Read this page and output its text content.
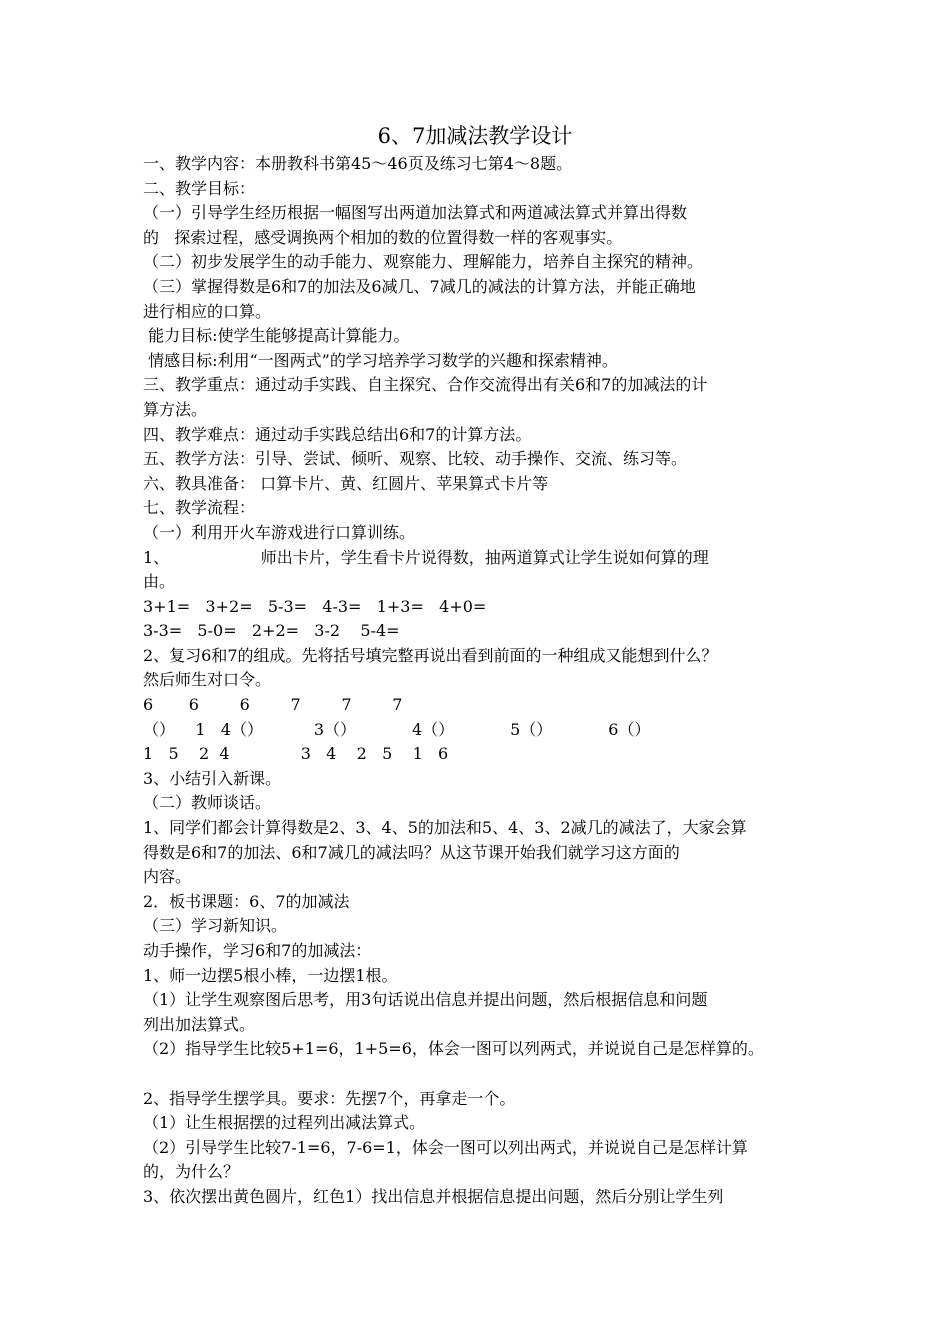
6、7加减法教学设计
一、教学内容：本册教科书第45～46页及练习七第4～8题。
二、教学目标：
（一）引导学生经历根据一幅图写出两道加法算式和两道减法算式并算出得数
的   探索过程，感受调换两个相加的数的位置得数一样的客观事实。
（二）初步发展学生的动手能力、观察能力、理解能力，培养自主探究的精神。
（三）掌握得数是6和7的加法及6减几、7减几的减法的计算方法，并能正确地
进行相应的口算。
能力目标:使学生能够提高计算能力。
情感目标:利用“一图两式”的学习培养学习数学的兴趣和探索精神。
三、教学重点：通过动手实践、自主探究、合作交流得出有关6和7的加减法的计
算方法。
四、教学难点：通过动手实践总结出6和7的计算方法。
五、教学方法：引导、尝试、倾听、观察、比较、动手操作、交流、练习等。
六、教具准备： 口算卡片、黄、红圆片、苹果算式卡片等
七、教学流程：
（一）利用开火车游戏进行口算训练。
1、                  师出卡片，学生看卡片说得数，抽两道算式让学生说如何算的理
由。
3+1=   3+2=   5-3=   4-3=   1+3=   4+0=
3-3=   5-0=   2+2=   3-2    5-4=
2、复习6和7的组成。先将括号填完整再说出看到前面的一种组成又能想到什么？
然后师生对口令。
6       6        6        7        7        7
（）    1   4（）          3（）           4（）           5（）           6（）
1   5    2  4              3   4    2   5    1   6
3、小结引入新课。
（二）教师谈话。
1、同学们都会计算得数是2、3、4、5的加法和5、4、3、2减几的减法了，大家会算
得数是6和7的加法、6和7减几的减法吗？从这节课开始我们就学习这方面的
内容。
2．板书课题：6、7的加减法
（三）学习新知识。
动手操作，学习6和7的加减法：
1、师一边摆5根小棒，一边摆1根。
（1）让学生观察图后思考，用3句话说出信息并提出问题，然后根据信息和问题
列出加法算式。
（2）指导学生比较5+1=6，1+5=6，体会一图可以列两式，并说说自己是怎样算的。
2、指导学生摆学具。要求：先摆7个，再拿走一个。
（1）让生根据摆的过程列出减法算式。
（2）引导学生比较7-1=6，7-6=1，体会一图可以列出两式，并说说自己是怎样计算
的，为什么？
3、依次摆出黄色圆片，红色1）找出信息并根据信息提出问题，然后分别让学生列
